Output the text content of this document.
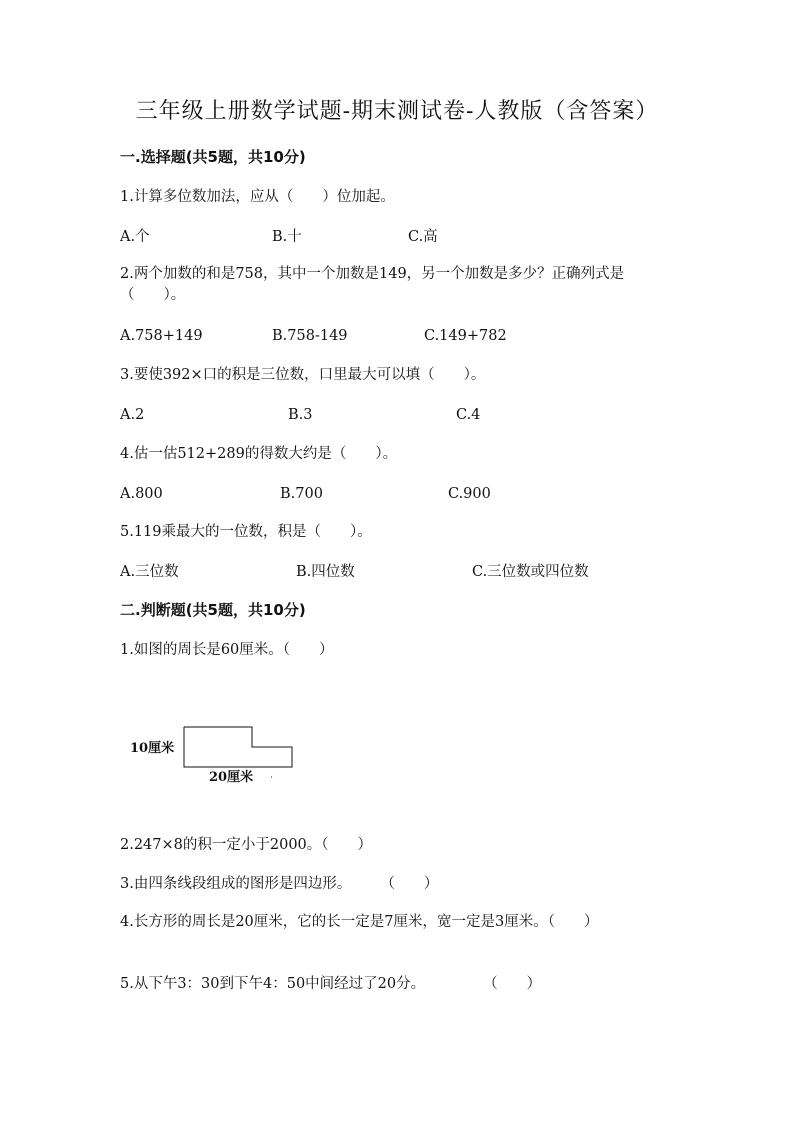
三年级上册数学试题-期末测试卷-人教版（含答案）
一.选择题(共5题，共10分)
1.计算多位数加法，应从（　　）位加起。
A.个	B.十	C.高
2.两个加数的和是758，其中一个加数是149，另一个加数是多少？正确列式是（　　）。
A.758+149	B.758-149	C.149+782
3.要使392×口的积是三位数，口里最大可以填（　　）。
A.2	B.3	C.4
4.估一估512+289的得数大约是（　　）。
A.800	B.700	C.900
5.119乘最大的一位数，积是（　　）。
A.三位数	B.四位数	C.三位数或四位数
二.判断题(共5题，共10分)
1.如图的周长是60厘米。（　　）
10厘米
20厘米
2.247×8的积一定小于2000。（　　）
3.由四条线段组成的图形是四边形。　　　（　　）
4.长方形的周长是20厘米，它的长一定是7厘米，宽一定是3厘米。（　　）
5.从下午3：30到下午4：50中间经过了20分。　　　　　（　　）
